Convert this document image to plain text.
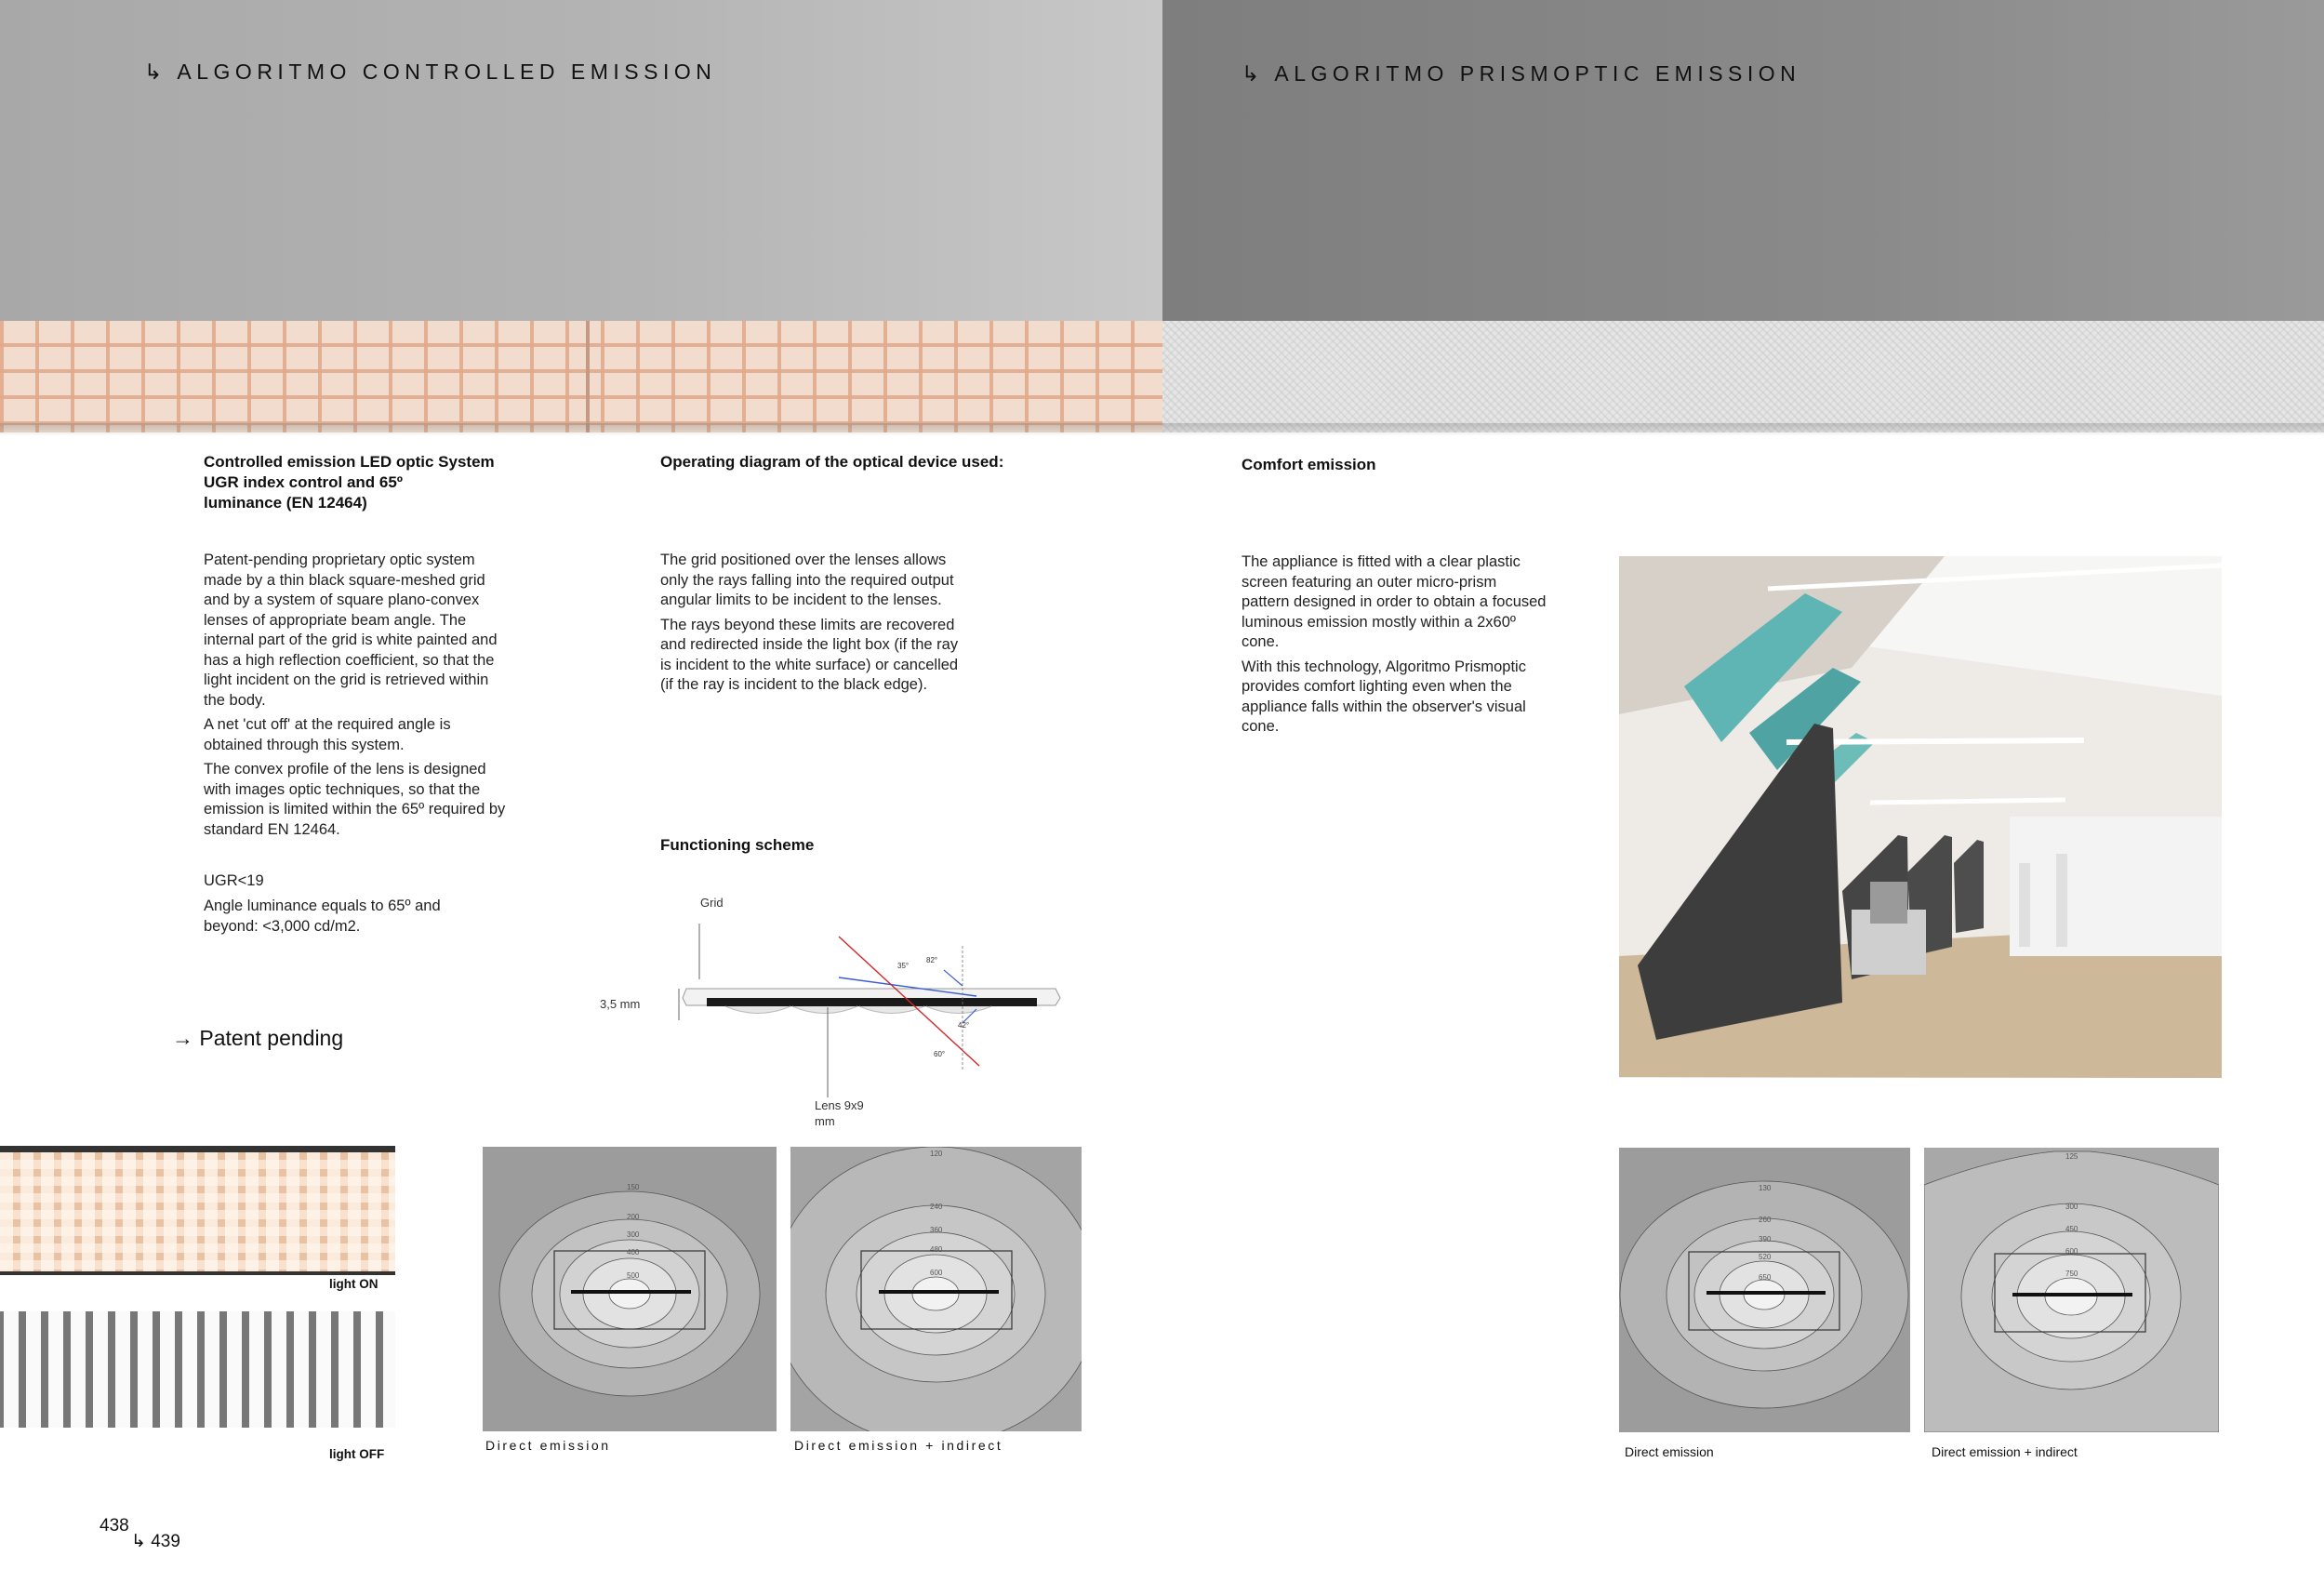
↳ ALGORITMO CONTROLLED EMISSION	↳ ALGORITMO PRISMOPTIC EMISSION
Controlled emission LED optic System
UGR index control and 65º
luminance (EN 12464)

Patent-pending proprietary optic system made by a thin black square-meshed grid and by a system of square plano-convex lenses of appropriate beam angle. The internal part of the grid is white painted and has a high reflection coefficient, so that the light incident on the grid is retrieved within the body.

A net 'cut off' at the required angle is obtained through this system.

The convex profile of the lens is designed with images optic techniques, so that the emission is limited within the 65º required by standard EN 12464.

UGR<19
Angle luminance equals to 65º and beyond: <3,000 cd/m2.
→ Patent pending
Operating diagram of the optical device used:

The grid positioned over the lenses allows only the rays falling into the required output angular limits to be incident to the lenses.

The rays beyond these limits are recovered and redirected inside the light box (if the ray is incident to the white surface) or cancelled (if the ray is incident to the black edge).

Functioning scheme
Grid
3,5 mm
35°
82°
42°
60°
Lens 9x9 mm
Comfort emission

The appliance is fitted with a clear plastic screen featuring an outer micro-prism pattern designed in order to obtain a focused luminous emission mostly within a 2x60º cone.

With this technology, Algoritmo Prismoptic provides comfort lighting even when the appliance falls within the observer's visual cone.

light ON
light OFF
150
200
300
400
500
Direct emission
120
240
360
480
600
Direct emission + indirect
130
260
390
520
650
Direct emission
125
300
450
600
750
Direct emission + indirect
438
↳ 439
